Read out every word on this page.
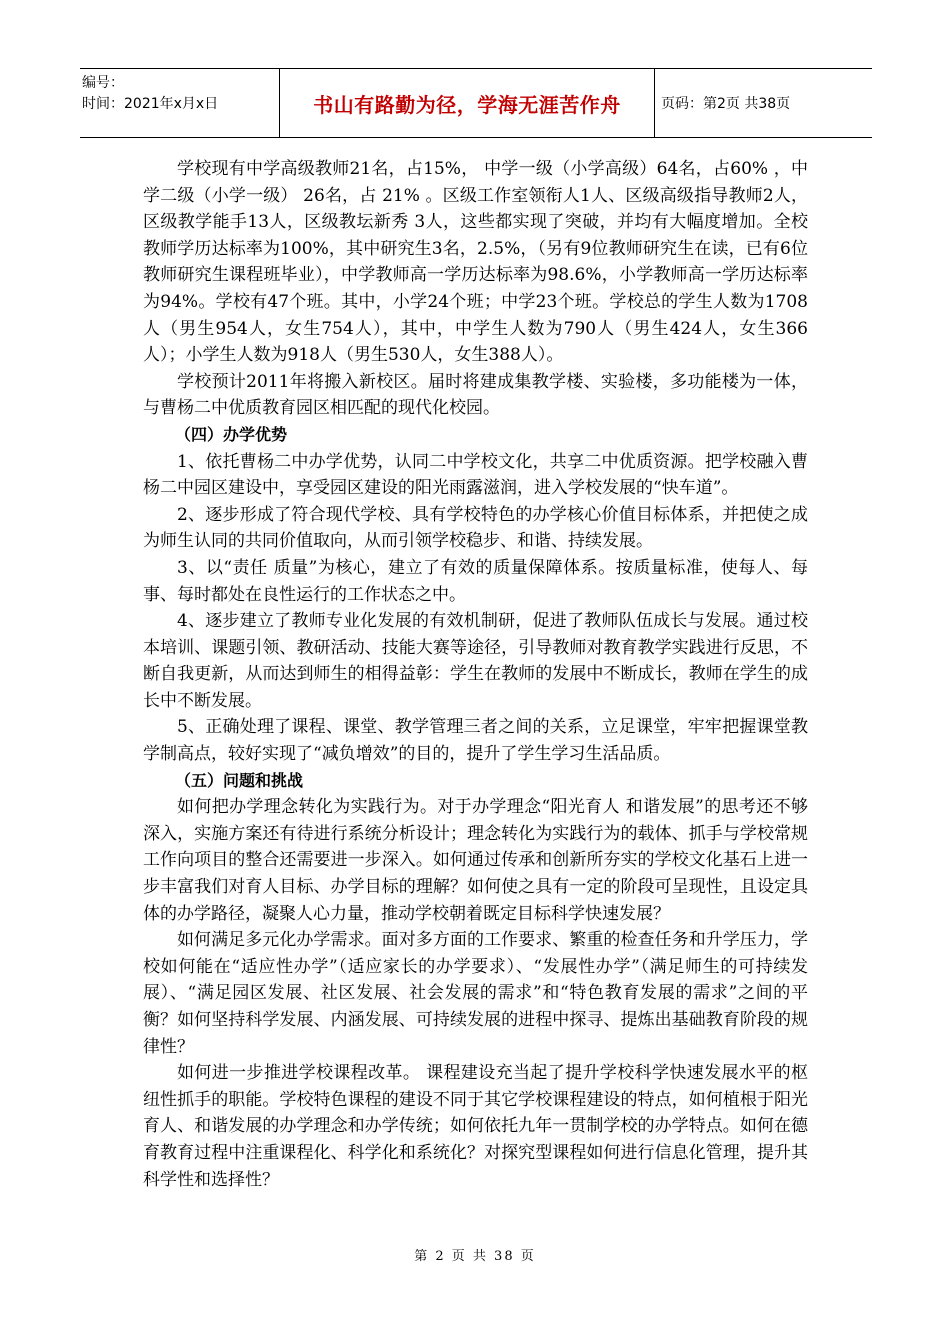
编号：
时间：2021年x月x日	书山有路勤为径，学海无涯苦作舟	页码：第2页 共38页

学校现有中学高级教师21名，占15%， 中学一级（小学高级）64名，占60% ，中学二级（小学一级） 26名，占 21% 。区级工作室领衔人1人、区级高级指导教师2人，区级教学能手13人，区级教坛新秀 3人，这些都实现了突破，并均有大幅度增加。全校教师学历达标率为100%，其中研究生3名，2.5%，（另有9位教师研究生在读，已有6位教师研究生课程班毕业），中学教师高一学历达标率为98.6%，小学教师高一学历达标率为94%。学校有47个班。其中，小学24个班；中学23个班。学校总的学生人数为1708人（男生954人，女生754人），其中，中学生人数为790人（男生424人，女生366人）；小学生人数为918人（男生530人，女生388人）。

学校预计2011年将搬入新校区。届时将建成集教学楼、实验楼，多功能楼为一体，与曹杨二中优质教育园区相匹配的现代化校园。

（四）办学优势

1、依托曹杨二中办学优势，认同二中学校文化，共享二中优质资源。把学校融入曹杨二中园区建设中，享受园区建设的阳光雨露滋润，进入学校发展的“快车道”。

2、逐步形成了符合现代学校、具有学校特色的办学核心价值目标体系，并把使之成为师生认同的共同价值取向，从而引领学校稳步、和谐、持续发展。

3、以“责任 质量”为核心，建立了有效的质量保障体系。按质量标准，使每人、每事、每时都处在良性运行的工作状态之中。

4、逐步建立了教师专业化发展的有效机制研，促进了教师队伍成长与发展。通过校本培训、课题引领、教研活动、技能大赛等途径，引导教师对教育教学实践进行反思，不断自我更新，从而达到师生的相得益彰：学生在教师的发展中不断成长，教师在学生的成长中不断发展。

5、正确处理了课程、课堂、教学管理三者之间的关系，立足课堂，牢牢把握课堂教学制高点，较好实现了“减负增效”的目的，提升了学生学习生活品质。

（五）问题和挑战

如何把办学理念转化为实践行为。对于办学理念“阳光育人 和谐发展”的思考还不够深入，实施方案还有待进行系统分析设计；理念转化为实践行为的载体、抓手与学校常规工作向项目的整合还需要进一步深入。如何通过传承和创新所夯实的学校文化基石上进一步丰富我们对育人目标、办学目标的理解？如何使之具有一定的阶段可呈现性，且设定具体的办学路径，凝聚人心力量，推动学校朝着既定目标科学快速发展？

如何满足多元化办学需求。面对多方面的工作要求、繁重的检查任务和升学压力，学校如何能在“适应性办学”（适应家长的办学要求）、“发展性办学”（满足师生的可持续发展）、“满足园区发展、社区发展、社会发展的需求”和“特色教育发展的需求”之间的平衡？如何坚持科学发展、内涵发展、可持续发展的进程中探寻、提炼出基础教育阶段的规律性？

如何进一步推进学校课程改革。 课程建设充当起了提升学校科学快速发展水平的枢纽性抓手的职能。学校特色课程的建设不同于其它学校课程建设的特点，如何植根于阳光育人、和谐发展的办学理念和办学传统；如何依托九年一贯制学校的办学特点。如何在德育教育过程中注重课程化、科学化和系统化？对探究型课程如何进行信息化管理，提升其科学性和选择性？

第 2 页 共 38 页
